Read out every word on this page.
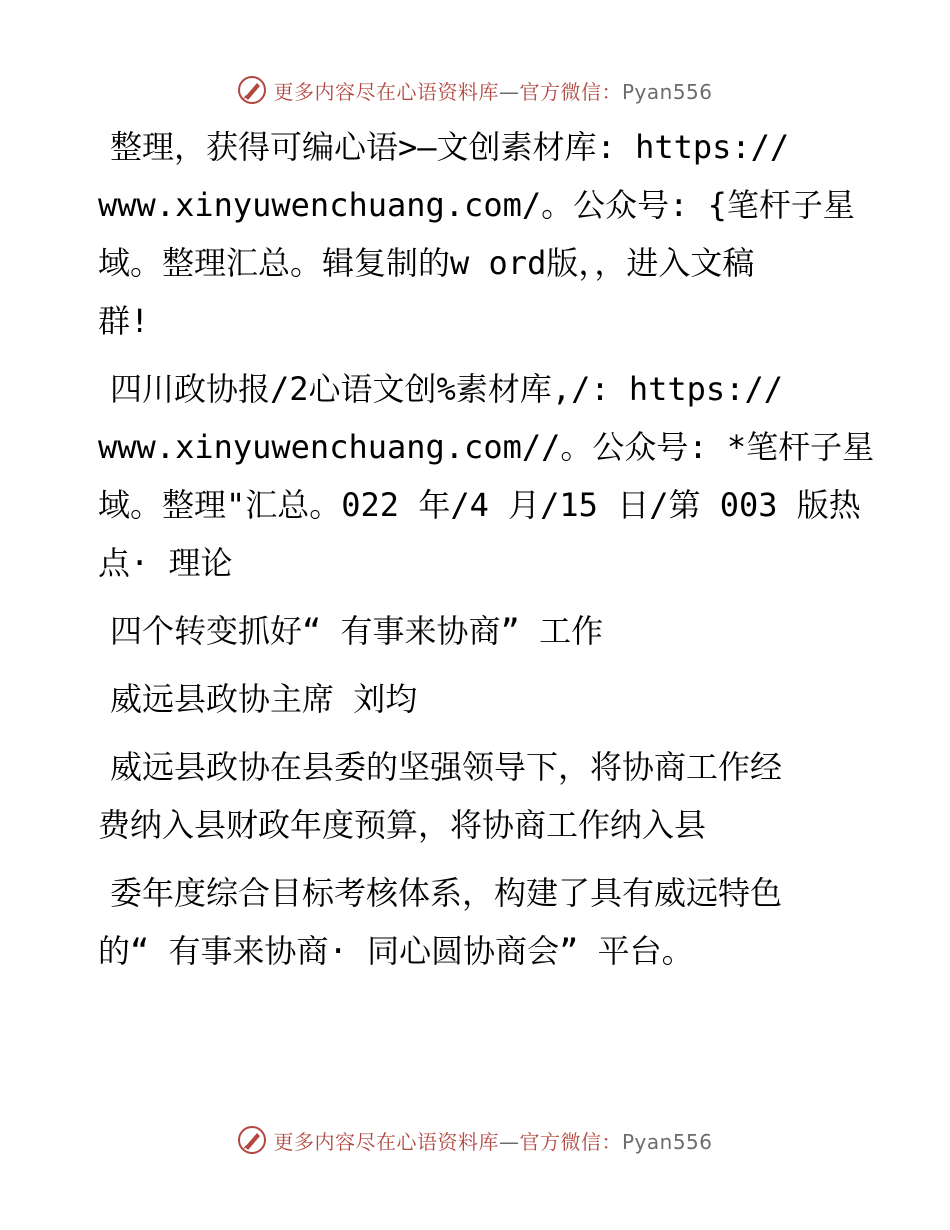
更多内容尽在心语资料库—官方微信：Pyan556
整理，获得可编心语>—文创素材库: https://
www.xinyuwenchuang.com/。公众号: {笔杆子星
域。整理汇总。辑复制的w ord版，，进入文稿
群!
四川政协报/2心语文创%素材库,/: https://
www.xinyuwenchuang.com//。公众号: *笔杆子星
域。整理"汇总。022 年/4 月/15 日/第 003 版热
点· 理论
四个转变抓好“ 有事来协商” 工作
威远县政协主席 刘均
威远县政协在县委的坚强领导下，将协商工作经
费纳入县财政年度预算，将协商工作纳入县
委年度综合目标考核体系，构建了具有威远特色
的“ 有事来协商· 同心圆协商会” 平台。
更多内容尽在心语资料库—官方微信：Pyan556
